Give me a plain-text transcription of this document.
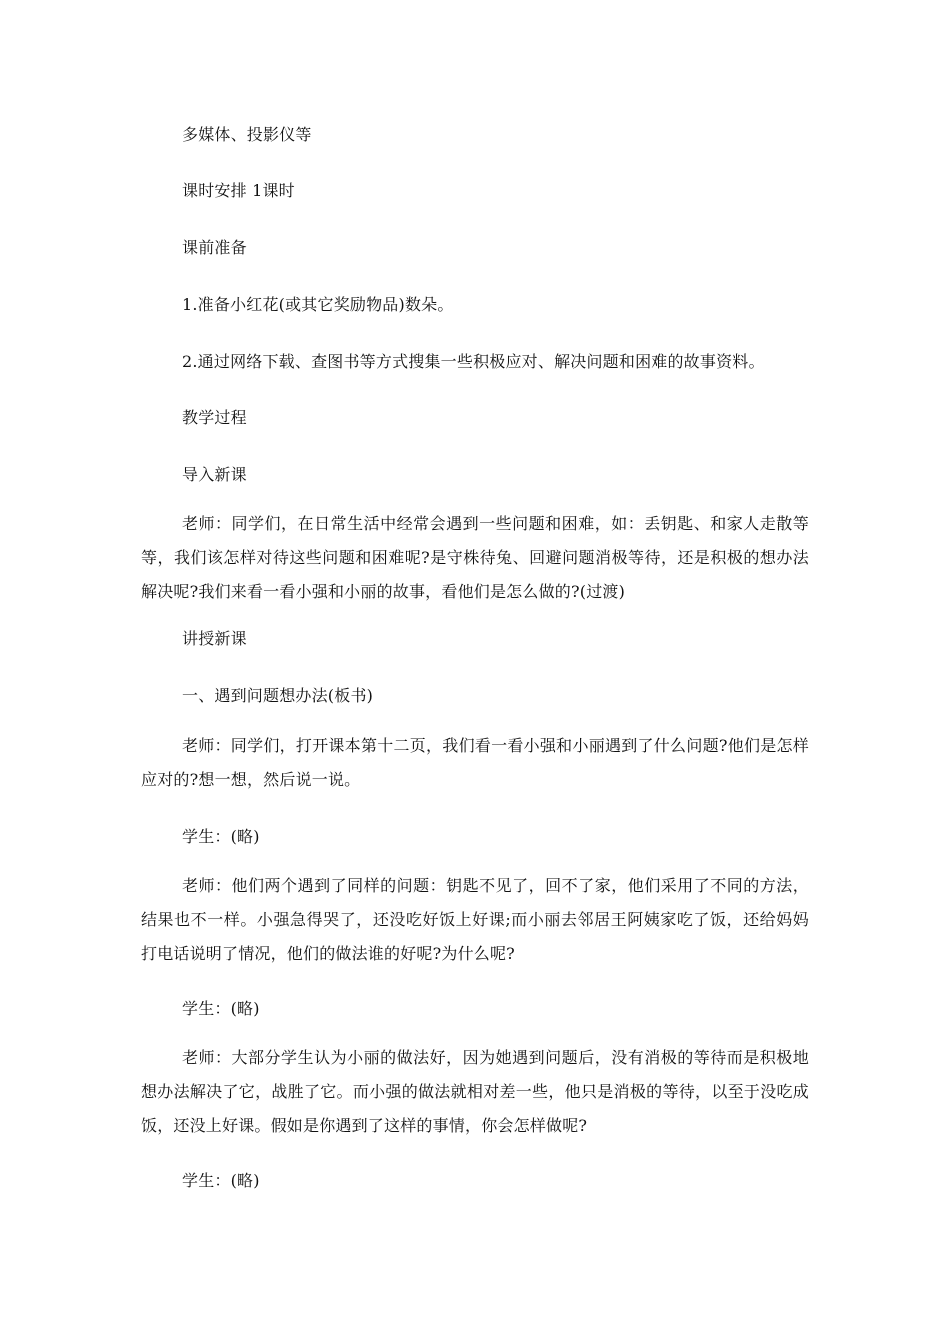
多媒体、投影仪等

课时安排 1课时

课前准备

1.准备小红花(或其它奖励物品)数朵。

2.通过网络下载、查图书等方式搜集一些积极应对、解决问题和困难的故事资料。

教学过程

导入新课

老师：同学们，在日常生活中经常会遇到一些问题和困难，如：丢钥匙、和家人走散等等，我们该怎样对待这些问题和困难呢?是守株待兔、回避问题消极等待，还是积极的想办法解决呢?我们来看一看小强和小丽的故事，看他们是怎么做的?(过渡)

讲授新课

一、遇到问题想办法(板书)

老师：同学们，打开课本第十二页，我们看一看小强和小丽遇到了什么问题?他们是怎样应对的?想一想，然后说一说。

学生：(略)

老师：他们两个遇到了同样的问题：钥匙不见了，回不了家，他们采用了不同的方法，结果也不一样。小强急得哭了，还没吃好饭上好课;而小丽去邻居王阿姨家吃了饭，还给妈妈打电话说明了情况，他们的做法谁的好呢?为什么呢?

学生：(略)

老师：大部分学生认为小丽的做法好，因为她遇到问题后，没有消极的等待而是积极地想办法解决了它，战胜了它。而小强的做法就相对差一些，他只是消极的等待，以至于没吃成饭，还没上好课。假如是你遇到了这样的事情，你会怎样做呢?

学生：(略)
